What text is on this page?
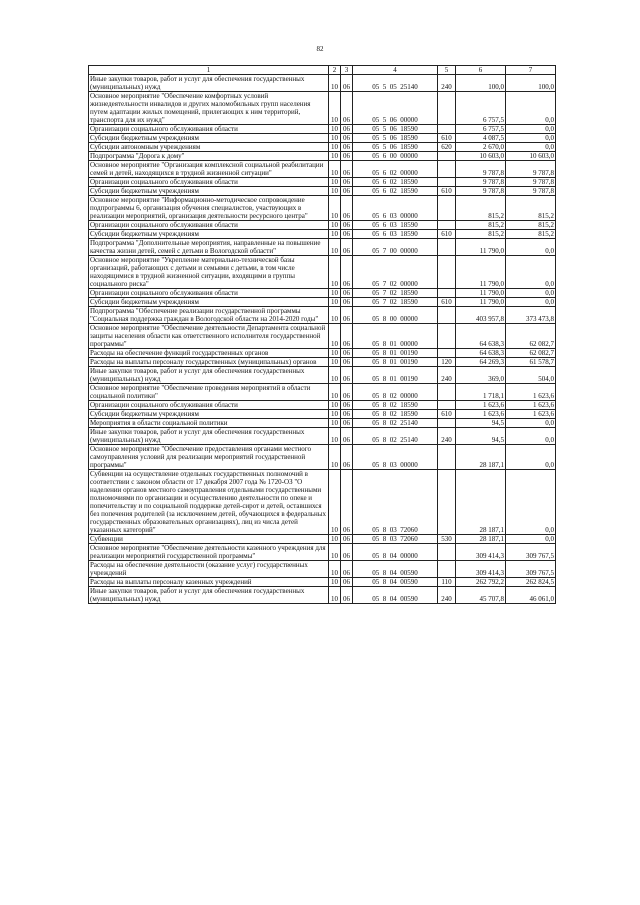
82
1	2	3	4	5	6	7
Иные закупки товаров, работ и услуг для обеспечения государственных (муниципальных) нужд	10	06	05  5  05  25140	240	100,0	100,0
Основное мероприятие "Обеспечение комфортных условий жизнедеятельности инвалидов и других маломобильных групп населения путем адаптации жилых помещений, прилегающих к ним территорий, транспорта для их нужд"	10	06	05  5  06  00000		6 757,5	0,0
Организации социального обслуживания области	10	06	05  5  06  18590		6 757,5	0,0
Субсидии бюджетным учреждениям	10	06	05  5  06  18590	610	4 087,5	0,0
Субсидии автономным учреждениям	10	06	05  5  06  18590	620	2 670,0	0,0
Подпрограмма "Дорога к дому"	10	06	05  6  00  00000		10 603,0	10 603,0
Основное мероприятие "Организация комплексной социальной реабилитации семей и детей, находящихся в трудной жизненной ситуации"	10	06	05  6  02  00000		9 787,8	9 787,8
Организации социального обслуживания области	10	06	05  6  02  18590		9 787,8	9 787,8
Субсидии бюджетным учреждениям	10	06	05  6  02  18590	610	9 787,8	9 787,8
Основное мероприятие "Информационно-методическое сопровождение подпрограммы 6, организация обучения специалистов, участвующих в реализации мероприятий, организация деятельности ресурсного центра"	10	06	05  6  03  00000		815,2	815,2
Организации социального обслуживания области	10	06	05  6  03  18590		815,2	815,2
Субсидии бюджетным учреждениям	10	06	05  6  03  18590	610	815,2	815,2
Подпрограмма "Дополнительные мероприятия, направленные на повышение качества жизни детей, семей с детьми в Вологодской области"	10	06	05  7  00  00000		11 790,0	0,0
Основное мероприятие "Укрепление материально-технической базы организаций, работающих с детьми и семьями с детьми, в том числе находящимися в трудной жизненной ситуации, входящими в группы социального риска"	10	06	05  7  02  00000		11 790,0	0,0
Организации социального обслуживания области	10	06	05  7  02  18590		11 790,0	0,0
Субсидии бюджетным учреждениям	10	06	05  7  02  18590	610	11 790,0	0,0
Подпрограмма "Обеспечение реализации государственной программы "Социальная поддержка граждан в Вологодской области на 2014-2020 годы"	10	06	05  8  00  00000		403 957,8	373 473,8
Основное мероприятие "Обеспечение деятельности Департамента социальной защиты населения области как ответственного исполнителя государственной программы"	10	06	05  8  01  00000		64 638,3	62 082,7
Расходы на обеспечение функций государственных органов	10	06	05  8  01  00190		64 638,3	62 082,7
Расходы на выплаты персоналу государственных (муниципальных) органов	10	06	05  8  01  00190	120	64 269,3	61 578,7
Иные закупки товаров, работ и услуг для обеспечения государственных (муниципальных) нужд	10	06	05  8  01  00190	240	369,0	504,0
Основное мероприятие "Обеспечение проведения мероприятий в области социальной политики"	10	06	05  8  02  00000		1 718,1	1 623,6
Организации социального обслуживания области	10	06	05  8  02  18590		1 623,6	1 623,6
Субсидии бюджетным учреждениям	10	06	05  8  02  18590	610	1 623,6	1 623,6
Мероприятия в области социальной политики	10	06	05  8  02  25140		94,5	0,0
Иные закупки товаров, работ и услуг для обеспечения государственных (муниципальных) нужд	10	06	05  8  02  25140	240	94,5	0,0
Основное мероприятие "Обеспечение предоставления органами местного самоуправления условий для реализации мероприятий государственной программы"	10	06	05  8  03  00000		28 187,1	0,0
Субвенции на осуществление отдельных государственных полномочий в соответствии с законом области от 17 декабря 2007 года № 1720-ОЗ "О наделении органов местного самоуправления отдельными государственными полномочиями по организации и осуществлению деятельности по опеке и попечительству и по социальной поддержке детей-сирот и детей, оставшихся без попечения родителей (за исключением детей, обучающихся в федеральных государственных образовательных организациях), лиц из числа детей указанных категорий"	10	06	05  8  03  72060		28 187,1	0,0
Субвенции	10	06	05  8  03  72060	530	28 187,1	0,0
Основное мероприятие "Обеспечение деятельности казенного учреждения для реализации мероприятий государственной программы"	10	06	05  8  04  00000		309 414,3	309 767,5
Расходы на обеспечение деятельности (оказание услуг) государственных учреждений	10	06	05  8  04  00590		309 414,3	309 767,5
Расходы на выплаты персоналу казенных учреждений	10	06	05  8  04  00590	110	262 792,2	262 824,5
Иные закупки товаров, работ и услуг для обеспечения государственных (муниципальных) нужд	10	06	05  8  04  00590	240	45 707,8	46 061,0
